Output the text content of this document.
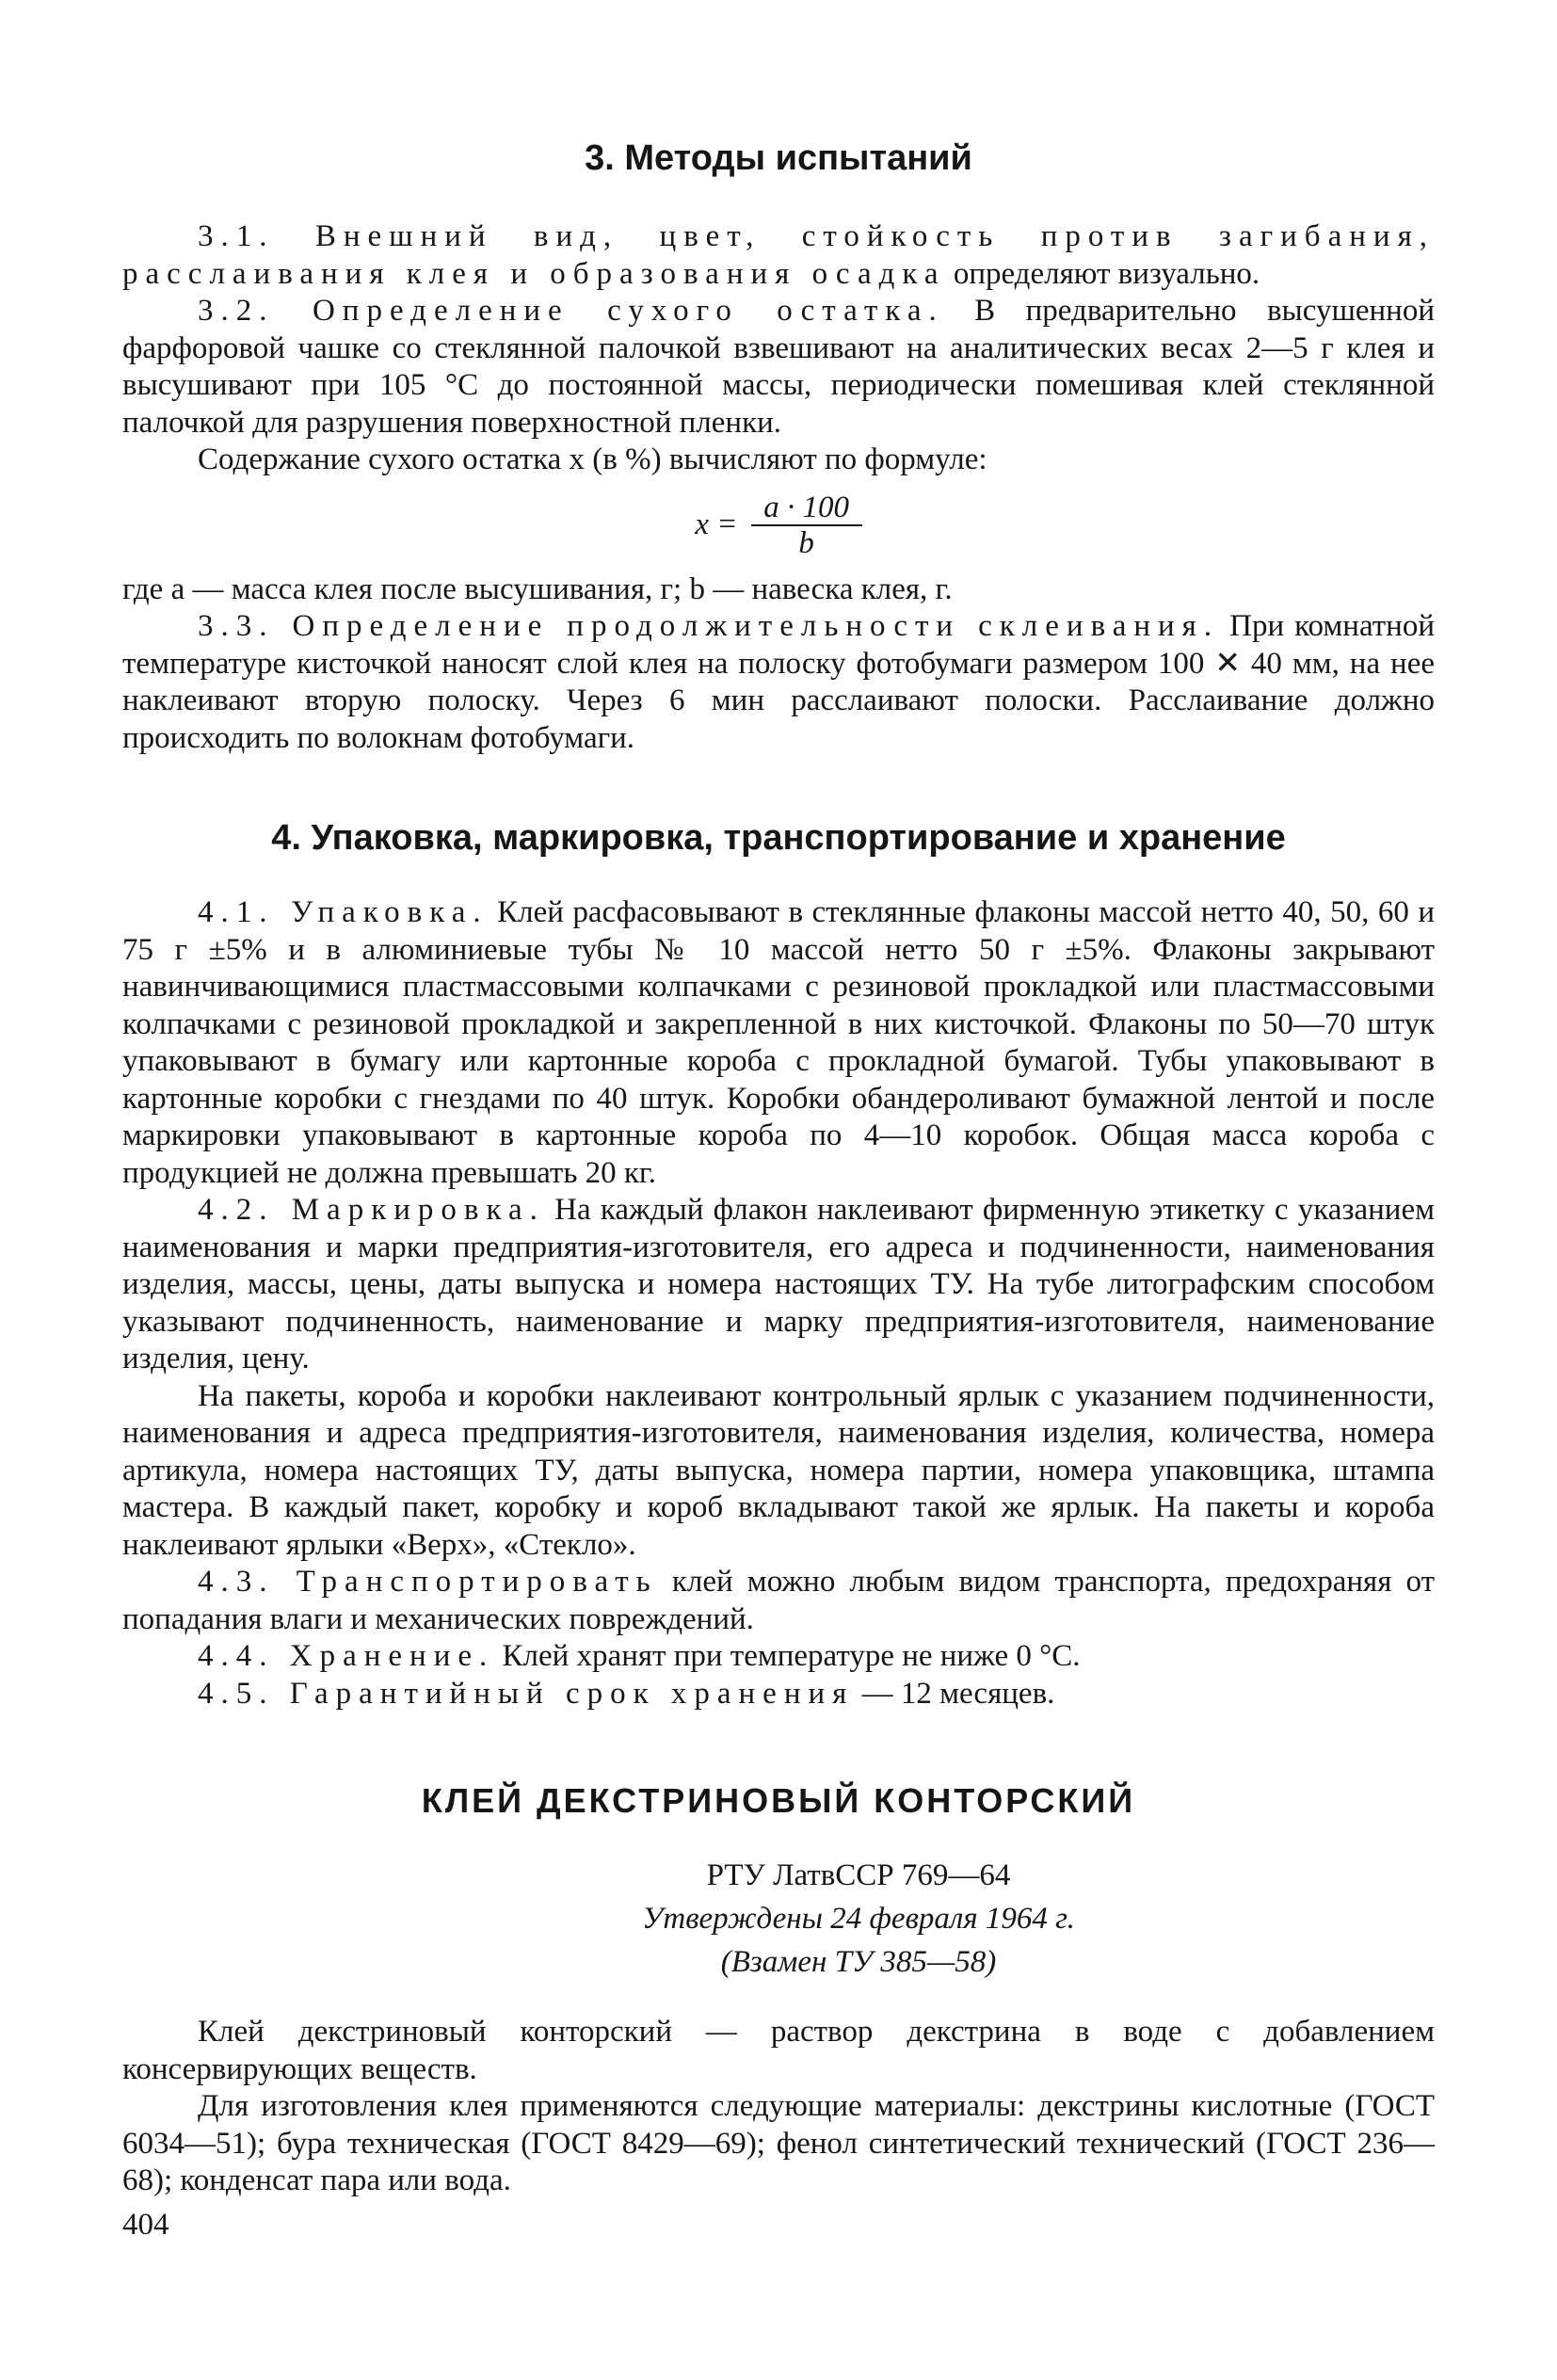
3. Методы испытаний

3.1. Внешний вид, цвет, стойкость против загибания, расслаивания клея и образования осадка определяют визуально.

3.2. Определение сухого остатка. В предварительно высушенной фарфоровой чашке со стеклянной палочкой взвешивают на аналитических весах 2—5 г клея и высушивают при 105 °С до постоянной массы, периодически помешивая клей стеклянной палочкой для разрушения поверхностной пленки.

Содержание сухого остатка x (в %) вычисляют по формуле:

$x = \frac{a \cdot 100}{b}$

где a — масса клея после высушивания, г; b — навеска клея, г.

3.3. Определение продолжительности склеивания. При комнатной температуре кисточкой наносят слой клея на полоску фотобумаги размером 100 ✕ 40 мм, на нее наклеивают вторую полоску. Через 6 мин расслаивают полоски. Расслаивание должно происходить по волокнам фотобумаги.

4. Упаковка, маркировка, транспортирование и хранение

4.1. Упаковка. Клей расфасовывают в стеклянные флаконы массой нетто 40, 50, 60 и 75 г ±5% и в алюминиевые тубы № 10 массой нетто 50 г ±5%. Флаконы закрывают навинчивающимися пластмассовыми колпачками с резиновой прокладкой или пластмассовыми колпачками с резиновой прокладкой и закрепленной в них кисточкой. Флаконы по 50—70 штук упаковывают в бумагу или картонные короба с прокладной бумагой. Тубы упаковывают в картонные коробки с гнездами по 40 штук. Коробки обандероливают бумажной лентой и после маркировки упаковывают в картонные короба по 4—10 коробок. Общая масса короба с продукцией не должна превышать 20 кг.

4.2. Маркировка. На каждый флакон наклеивают фирменную этикетку с указанием наименования и марки предприятия-изготовителя, его адреса и подчиненности, наименования изделия, массы, цены, даты выпуска и номера настоящих ТУ. На тубе литографским способом указывают подчиненность, наименование и марку предприятия-изготовителя, наименование изделия, цену.

На пакеты, короба и коробки наклеивают контрольный ярлык с указанием подчиненности, наименования и адреса предприятия-изготовителя, наименования изделия, количества, номера артикула, номера настоящих ТУ, даты выпуска, номера партии, номера упаковщика, штампа мастера. В каждый пакет, коробку и короб вкладывают такой же ярлык. На пакеты и короба наклеивают ярлыки «Верх», «Стекло».

4.3. Транспортировать клей можно любым видом транспорта, предохраняя от попадания влаги и механических повреждений.

4.4. Хранение. Клей хранят при температуре не ниже 0 °С.

4.5. Гарантийный срок хранения — 12 месяцев.

КЛЕЙ ДЕКСТРИНОВЫЙ КОНТОРСКИЙ
РТУ ЛатвССР 769—64
Утверждены 24 февраля 1964 г.
(Взамен ТУ 385—58)

Клей декстриновый конторский — раствор декстрина в воде с добавлением консервирующих веществ.

Для изготовления клея применяются следующие материалы: декстрины кислотные (ГОСТ 6034—51); бура техническая (ГОСТ 8429—69); фенол синтетический технический (ГОСТ 236—68); конденсат пара или вода.

404
